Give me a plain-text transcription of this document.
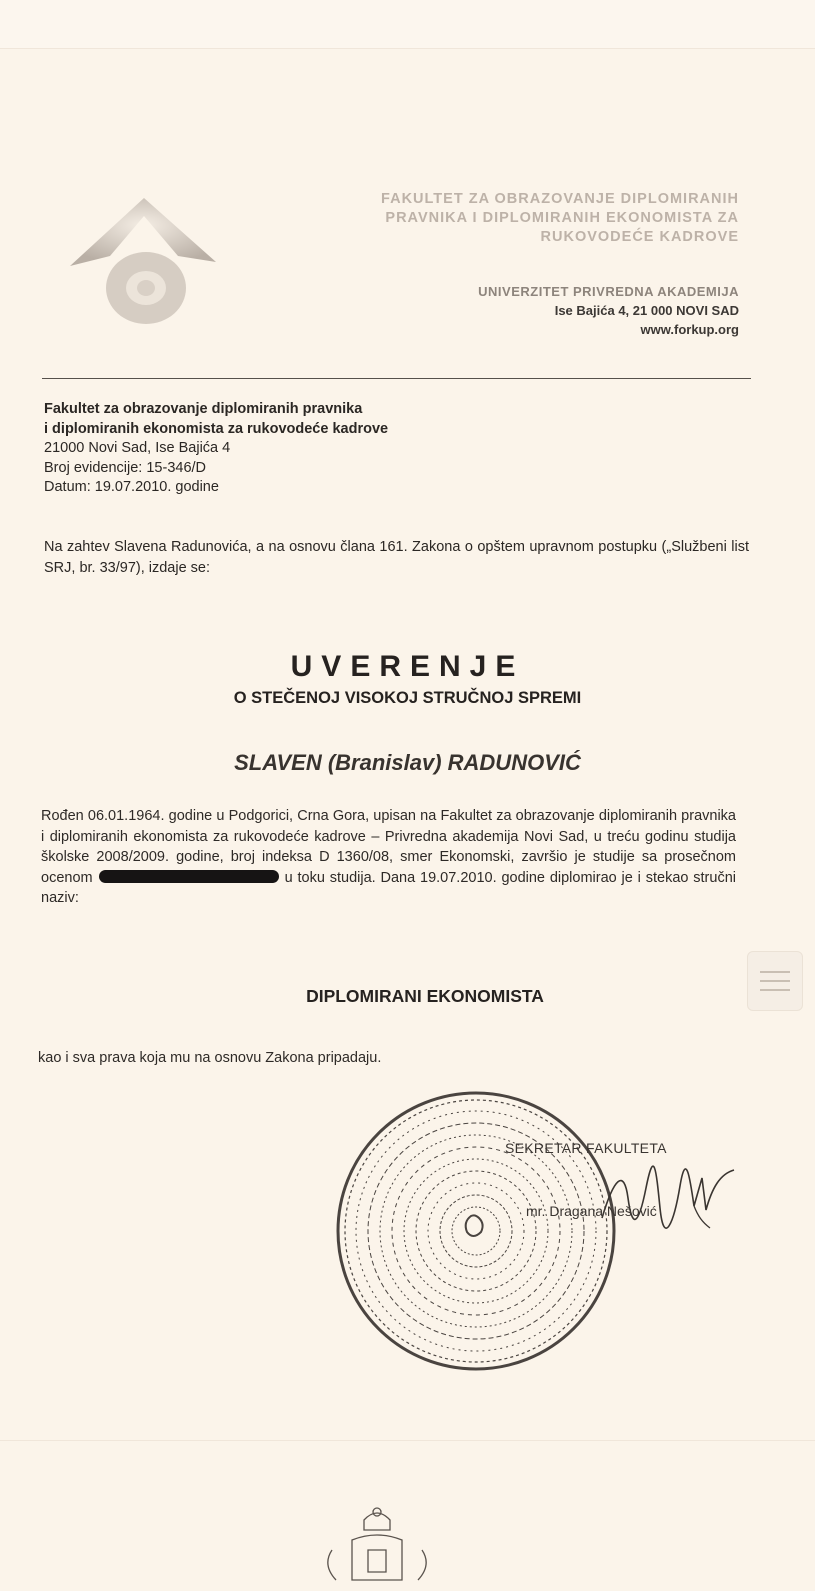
FAKULTET ZA OBRAZOVANJE DIPLOMIRANIH
PRAVNIKA I DIPLOMIRANIH EKONOMISTA ZA
RUKOVODEĆE KADROVE
UNIVERZITET PRIVREDNA AKADEMIJA
Ise Bajića 4, 21 000 NOVI SAD
www.forkup.org
Fakultet za obrazovanje diplomiranih pravnika
i diplomiranih ekonomista za rukovodeće kadrove
21000 Novi Sad, Ise Bajića 4
Broj evidencije: 15-346/D
Datum: 19.07.2010. godine
Na zahtev Slavena Radunovića, a na osnovu člana 161. Zakona o opštem upravnom postupku („Službeni list SRJ, br. 33/97), izdaje se:
UVERENJE
O STEČENOJ VISOKOJ STRUČNOJ SPREMI
SLAVEN (Branislav) RADUNOVIĆ
Rođen 06.01.1964. godine u Podgorici, Crna Gora, upisan na Fakultet za obrazovanje diplomiranih pravnika i diplomiranih ekonomista za rukovodeće kadrove – Privredna akademija Novi Sad, u treću godinu studija školske 2008/2009. godine, broj indeksa D 1360/08, smer Ekonomski, završio je studije sa prosečnom ocenom	u toku studija. Dana 19.07.2010. godine diplomirao je i stekao stručni naziv:
DIPLOMIRANI EKONOMISTA
kao i sva prava koja mu na osnovu Zakona pripadaju.
SEKRETAR FAKULTETA
mr. Dragana Nešović
